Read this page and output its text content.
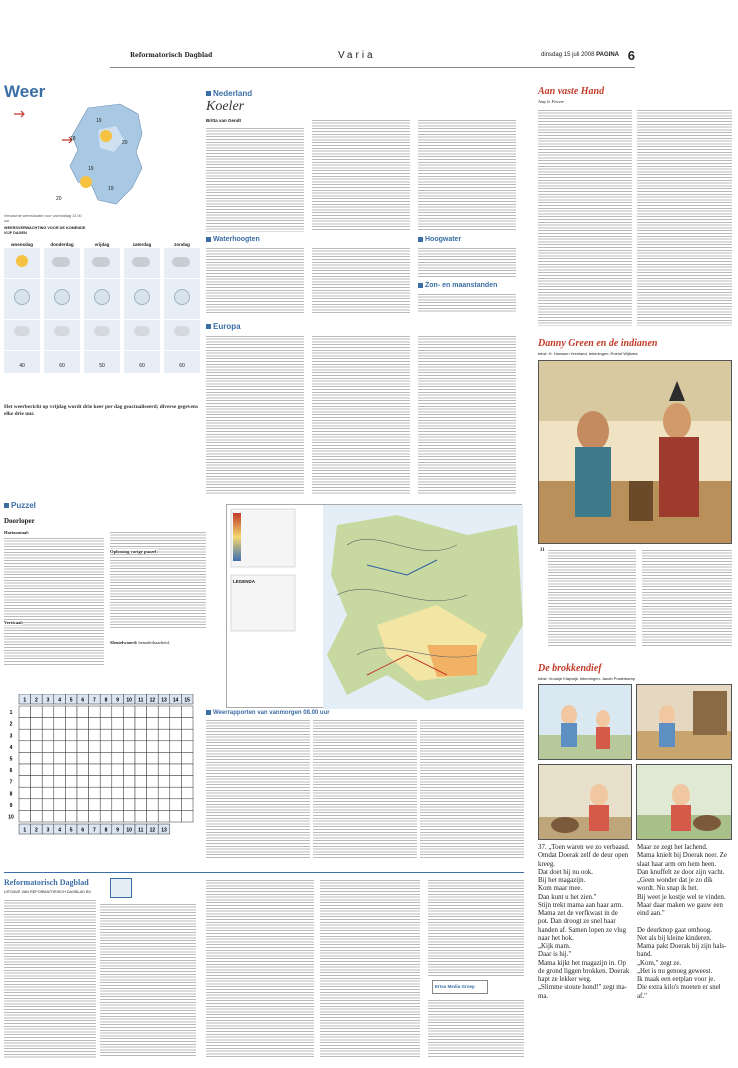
Reformatorisch Dagblad	Varia	dinsdag 15 juli 2008 PAGINA 6
Weer
19
18
20
19
19
20
Verwachte weersituatie voor vanmiddag 12.00 uur
WEERSVERWACHTING VOOR DE KOMENDE VIJF DAGEN
woensdag
40
donderdag
60
vrijdag
50
zaterdag
60
zondag
60
Het weerbericht op vrijdag wordt drie keer per dag geactualiseerd; diverse gegevens elke drie uur.
Nederland
Koeler
Britta van Gendt
Waterhoogten	Hoogwater
Zon- en maanstanden
Europa
LEGENDA
Puzzel
Doorloper
Horizontaal:
Verticaal:
Oplossing vorige puzzel:
Sleutelwoord: benaderbaarheid.
1 2 3 4 5 6 7 8 9 10 11 12 13 14 15
1
2
3
4
5
6
7
8
9
10
1 2 3 4 5 6 7 8 9 10 11 12 13
Weerrapporten van vanmorgen 08.00 uur
Reformatorisch Dagblad
UITGAVE VAN REFORMATORISCH DAGBLAD BV
Ertse Media Groep
Aan vaste Hand
Amy le Feuvre
Danny Green en de indianen
tekst: H. Hanssen Vreeland, tekeningen: Roelof Wijtsma
31
De brokkendief
tekst: Vroukje Klapwijk, tekeningen: Jacob Posterkamp
37. „Toen waren we zo verbaasd.
Omdat Doerak zelf de deur open
kreeg.
Dat doet hij nu ook.
Bij het magazijn.
Kom maar mee.
Dan kunt u het zien."
Stijn trekt mama aan haar arm.
Mama zet de verfkwast in de
pot. Dan droogt ze snel haar
handen af. Samen lopen ze vlug
naar het hok.
„Kijk mam.
Daar is hij."
Mama kijkt het magazijn in. Op
de grond liggen brokken. Doerak
hapt ze lekker weg.
„Slimme stoute hond!" zegt ma-
ma.
Maar ze zegt het lachend.
Mama knielt bij Doerak neer. Ze
slaat haar arm om hem heen.
Dan knuffelt ze door zijn vacht.
„Geen wonder dat je zo dik
wordt. Nu snap ik het.
Bij weet je kostje wel te vinden.
Maar daar maken we gauw een
eind aan."
De deurknop gaat omhoog.
Net als bij kleine kinderen.
Mama pakt Doerak bij zijn hals-
band.
„Kom," zegt ze.
„Het is nu genoeg geweest.
Ik maak een eetplan voor je.
Die extra kilo's moeten er snel
af."
